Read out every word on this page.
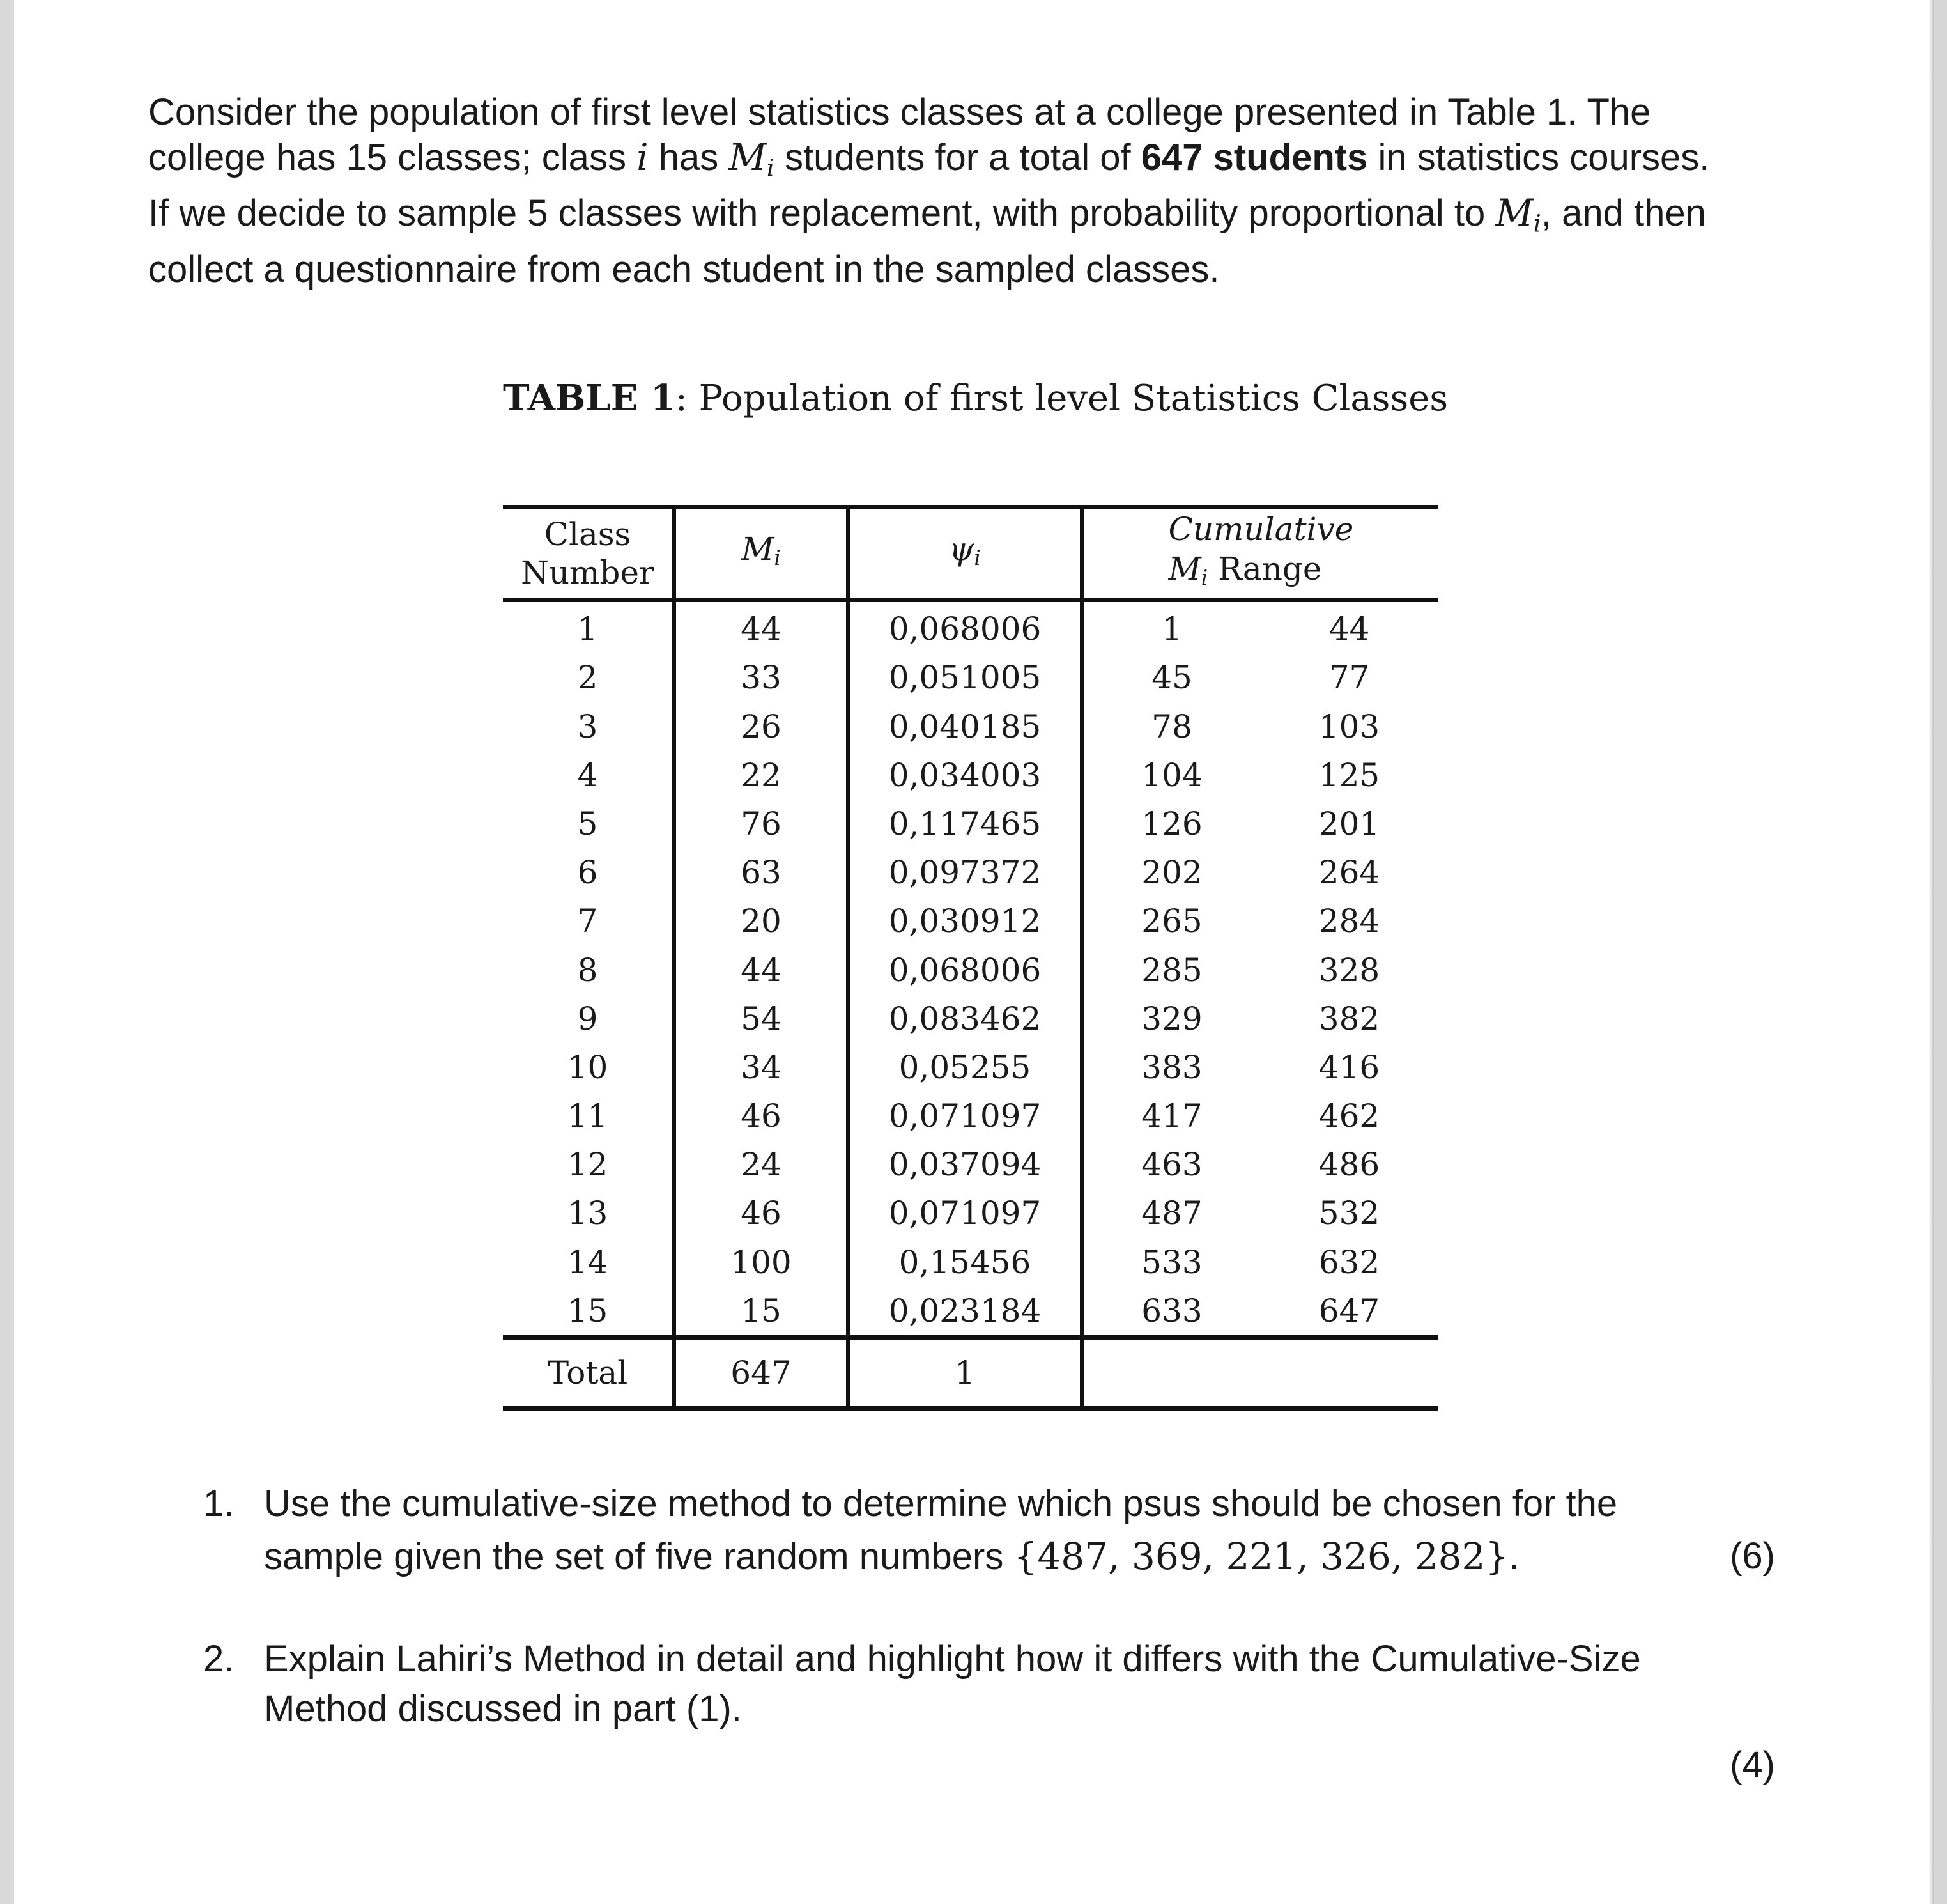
Consider the population of first level statistics classes at a college presented in Table 1. The
college has 15 classes; class i has $M_i$ students for a total of 647 students in statistics courses.
If we decide to sample 5 classes with replacement, with probability proportional to $M_i$, and then
collect a questionnaire from each student in the sampled classes.
TABLE 1: Population of first level Statistics Classes
Class
Number	$M_i$	$\psi_i$	Cumulative
$M_i$ Range	
1	44	0,068006	1	44
2	33	0,051005	45	77
3	26	0,040185	78	103
4	22	0,034003	104	125
5	76	0,117465	126	201
6	63	0,097372	202	264
7	20	0,030912	265	284
8	44	0,068006	285	328
9	54	0,083462	329	382
10	34	0,05255	383	416
11	46	0,071097	417	462
12	24	0,037094	463	486
13	46	0,071097	487	532
14	100	0,15456	533	632
15	15	0,023184	633	647
Total	647	1		
1. Use the cumulative-size method to determine which psus should be chosen for the
sample given the set of five random numbers {487, 369, 221, 326, 282}.	(6)
2. Explain Lahiri’s Method in detail and highlight how it differs with the Cumulative-Size
Method discussed in part (1).
(4)
